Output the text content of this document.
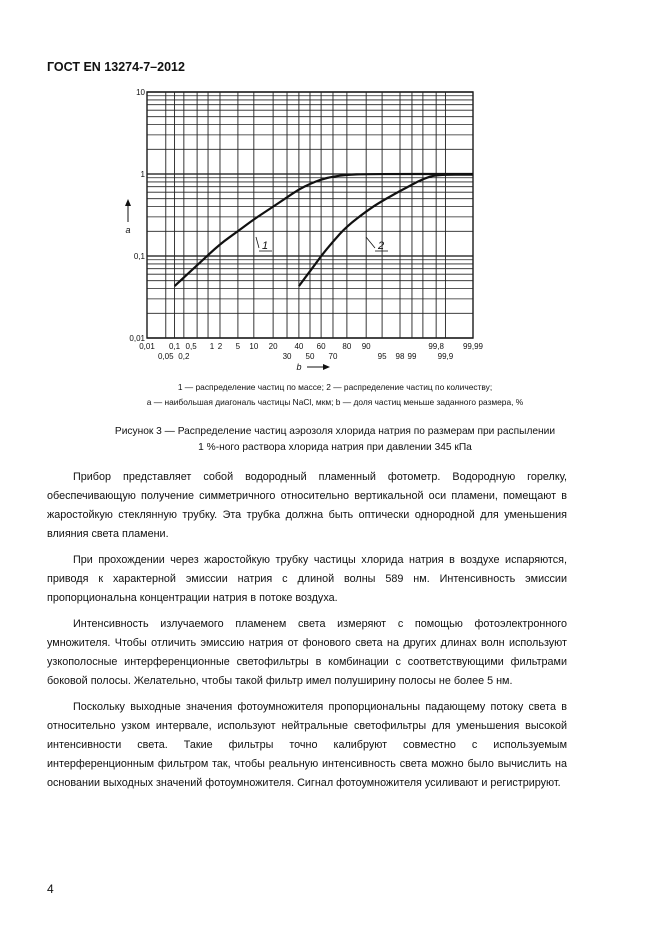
ГОСТ EN 13274-7–2012
0,01
0,1
1
10
0,01
0,05
0,1
0,2
0,5 1 2 5 10 20
30
40
50
60
70
80 90
95 98 99
99,8
99,9
99,99
a
b
1	2
1 — распределение частиц по массе; 2 — распределение частиц по количеству;
a — наибольшая диагональ частицы NaCl, мкм; b — доля частиц меньше заданного размера, %
Рисунок 3 — Распределение частиц аэрозоля хлорида натрия по размерам при распылении
1 %-ного раствора хлорида натрия при давлении 345 кПа

Прибор представляет собой водородный пламенный фотометр. Водородную горелку, обеспечивающую получение симметричного относительно вертикальной оси пламени, помещают в жаростойкую стеклянную трубку. Эта трубка должна быть оптически однородной для уменьшения влияния света пламени.

При прохождении через жаростойкую трубку частицы хлорида натрия в воздухе испаряются, приводя к характерной эмиссии натрия с длиной волны 589 нм. Интенсивность эмиссии пропорциональна концентрации натрия в потоке воздуха.

Интенсивность излучаемого пламенем света измеряют с помощью фотоэлектронного умножителя. Чтобы отличить эмиссию натрия от фонового света на других длинах волн используют узкополосные интерференционные светофильтры в комбинации с соответствующими фильтрами боковой полосы. Желательно, чтобы такой фильтр имел полуширину полосы не более 5 нм.

Поскольку выходные значения фотоумножителя пропорциональны падающему потоку света в относительно узком интервале, используют нейтральные светофильтры для уменьшения высокой интенсивности света. Такие фильтры точно калибруют совместно с используемым интерференционным фильтром так, чтобы реальную интенсивность света можно было вычислить на основании выходных значений фотоумножителя. Сигнал фотоумножителя усиливают и регистрируют.

4
